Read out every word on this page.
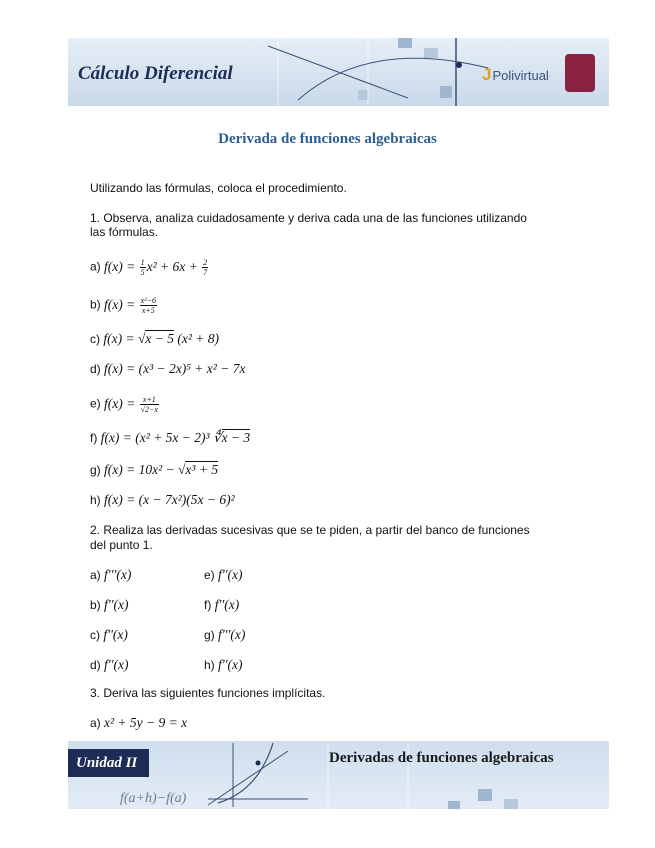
Cálculo Diferencial	JPolivirtual
Derivada de funciones algebraicas
Utilizando las fórmulas, coloca el procedimiento.
1. Observa, analiza cuidadosamente y deriva cada una de las funciones utilizando
las fórmulas.
a) $f(x) = \frac{1}{5} x^2 + 6x + \frac{2}{7}$
b) $f(x) = \frac{\text{x²−6}}{x+5}$
c) f(x) = √x − 5 (x² + 8)
d) f(x) = (x³ − 2x)⁵ + x² − 7x
e) $f(x) = \frac{x+1}{√2-x}$
f) f(x) = (x² + 5x − 2)³ ∜x − 3
g) f(x) = 10x² − √x³ + 5
h) f(x) = (x − 7x²)(5x − 6)²
2. Realiza las derivadas sucesivas que se te piden, a partir del banco de funciones
del punto 1.
a) f'''(x)
b) f''(x)
c) f''(x)
d) f''(x)
e) f''(x)
f) f''(x)
g) f'''(x)
h) f''(x)
3. Deriva las siguientes funciones implícitas.
a) x² + 5y − 9 = x
Unidad II	Derivadas de funciones algebraicas
f(a+h)−f(a)
